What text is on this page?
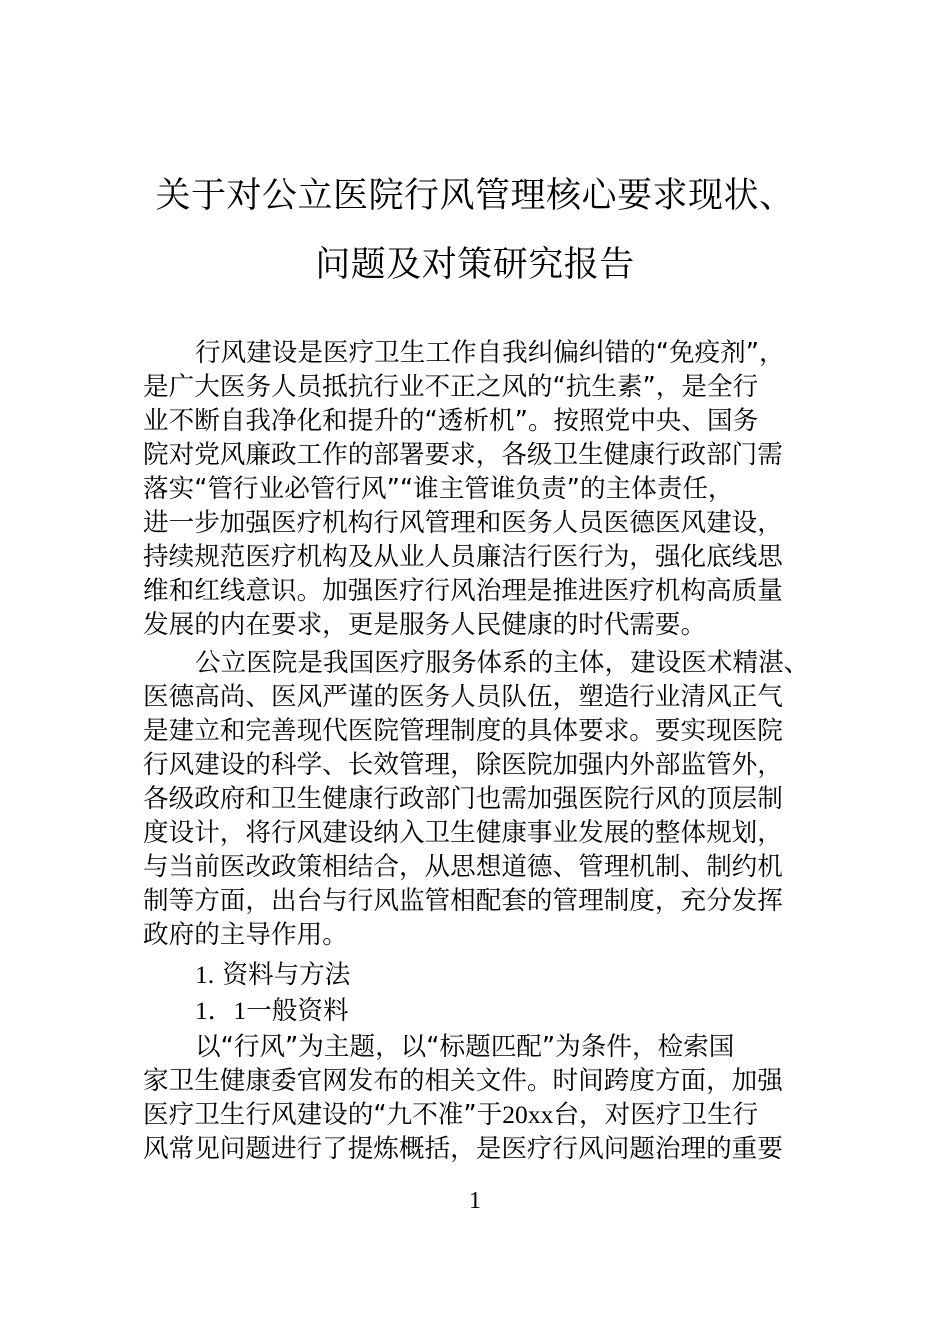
关于对公立医院行风管理核心要求现状、
问题及对策研究报告
行风建设是医疗卫生工作自我纠偏纠错的“免疫剂”，
是广大医务人员抵抗行业不正之风的“抗生素”，是全行
业不断自我净化和提升的“透析机”。按照党中央、国务
院对党风廉政工作的部署要求，各级卫生健康行政部门需
落实“管行业必管行风”“谁主管谁负责”的主体责任，
进一步加强医疗机构行风管理和医务人员医德医风建设，
持续规范医疗机构及从业人员廉洁行医行为，强化底线思
维和红线意识。加强医疗行风治理是推进医疗机构高质量
发展的内在要求，更是服务人民健康的时代需要。
公立医院是我国医疗服务体系的主体，建设医术精湛、
医德高尚、医风严谨的医务人员队伍，塑造行业清风正气
是建立和完善现代医院管理制度的具体要求。要实现医院
行风建设的科学、长效管理，除医院加强内外部监管外，
各级政府和卫生健康行政部门也需加强医院行风的顶层制
度设计，将行风建设纳入卫生健康事业发展的整体规划，
与当前医改政策相结合，从思想道德、管理机制、制约机
制等方面，出台与行风监管相配套的管理制度，充分发挥
政府的主导作用。
1. 资料与方法
1．1一般资料
以“行风”为主题，以“标题匹配”为条件，检索国
家卫生健康委官网发布的相关文件。时间跨度方面，加强
医疗卫生行风建设的“九不准”于20xx台，对医疗卫生行
风常见问题进行了提炼概括，是医疗行风问题治理的重要
1
